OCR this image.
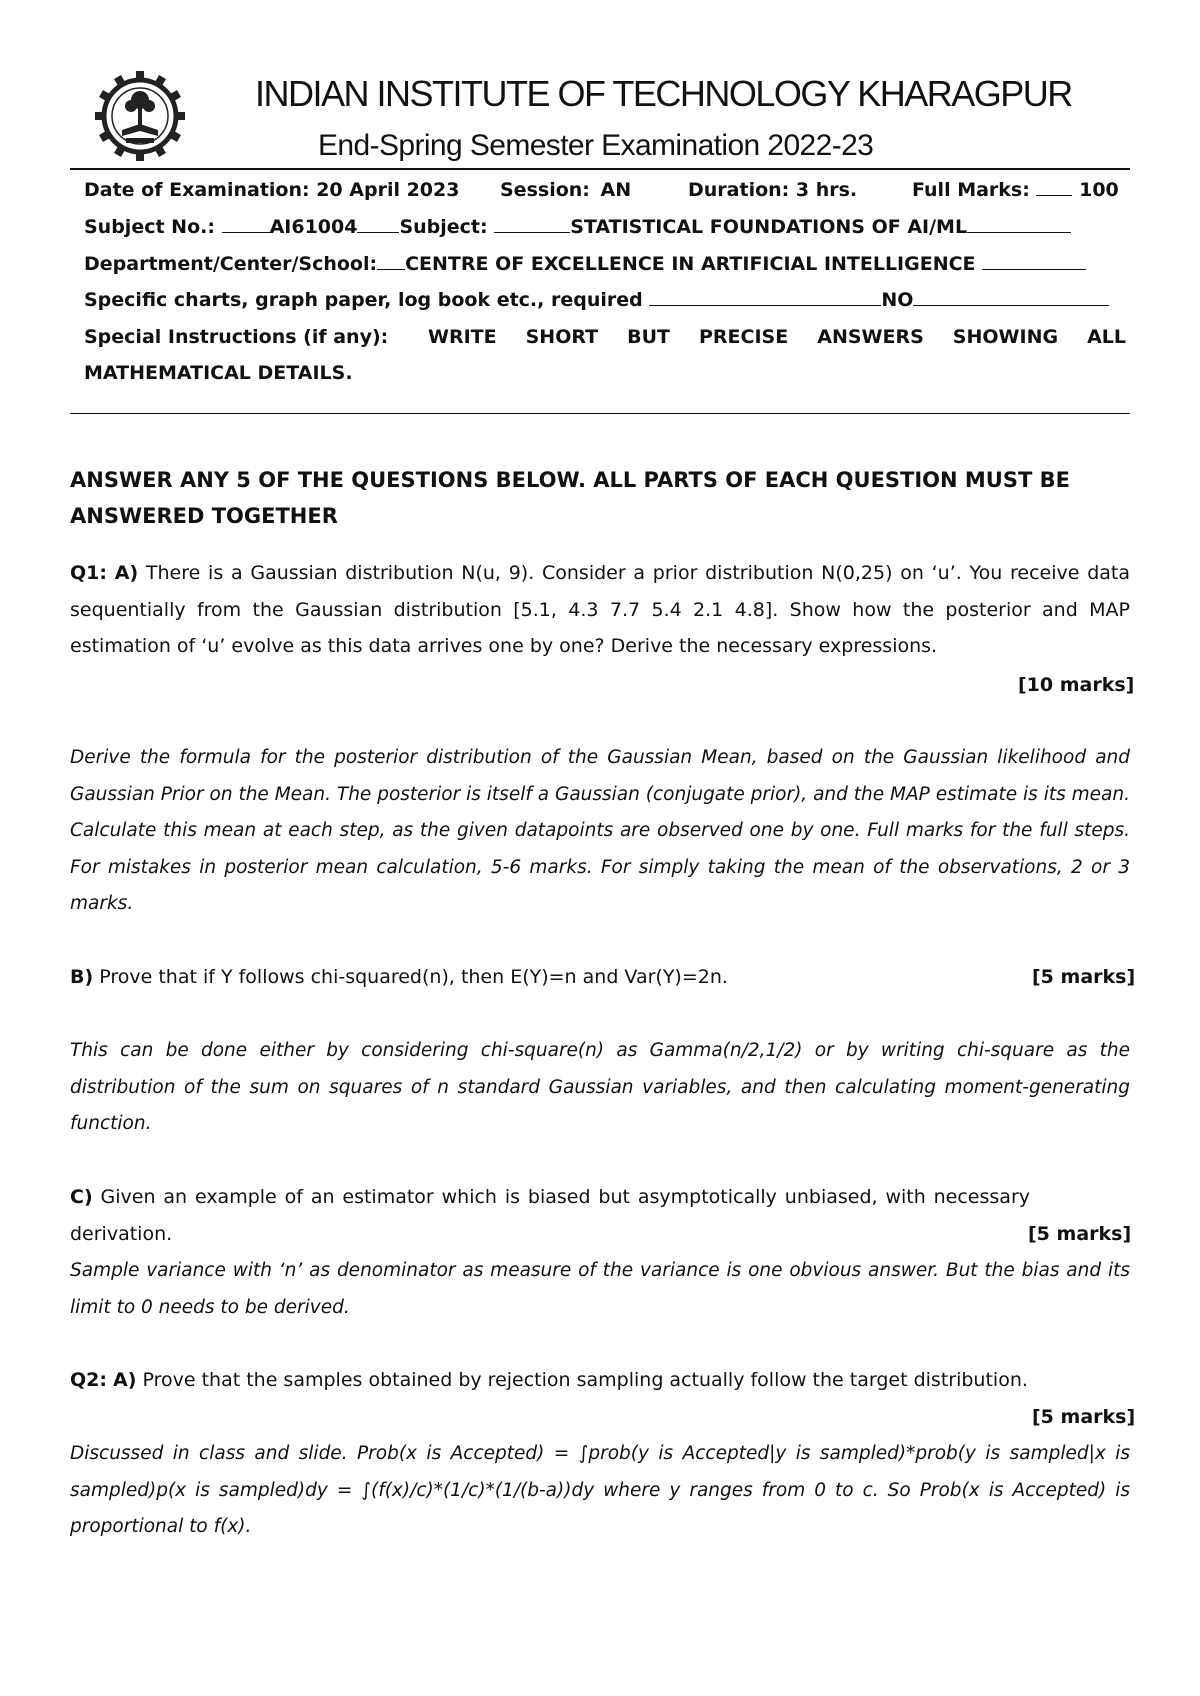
INDIAN INSTITUTE OF TECHNOLOGY KHARAGPUR
End-Spring Semester Examination 2022-23
Date of Examination: 20 April 2023 Session: AN	Duration: 3 hrs.	Full Marks:	100
Subject No.:	AI61004 Subject:	STATISTICAL FOUNDATIONS OF AI/ML
Department/Center/School: CENTRE OF EXCELLENCE IN ARTIFICIAL INTELLIGENCE
Specific charts, graph paper, log book etc., required	NO
Special Instructions (if any): WRITE SHORT BUT PRECISE ANSWERS SHOWING ALL
MATHEMATICAL DETAILS.
ANSWER ANY 5 OF THE QUESTIONS BELOW. ALL PARTS OF EACH QUESTION MUST BE ANSWERED TOGETHER
Q1: A) There is a Gaussian distribution N(u, 9). Consider a prior distribution N(0,25) on ‘u’. You receive data sequentially from the Gaussian distribution [5.1, 4.3 7.7 5.4 2.1 4.8]. Show how the posterior and MAP estimation of ‘u’ evolve as this data arrives one by one? Derive the necessary expressions.
[10 marks]
Derive the formula for the posterior distribution of the Gaussian Mean, based on the Gaussian likelihood and Gaussian Prior on the Mean. The posterior is itself a Gaussian (conjugate prior), and the MAP estimate is its mean. Calculate this mean at each step, as the given datapoints are observed one by one. Full marks for the full steps. For mistakes in posterior mean calculation, 5-6 marks. For simply taking the mean of the observations, 2 or 3 marks.
B) Prove that if Y follows chi-squared(n), then E(Y)=n and Var(Y)=2n.	[5 marks]
This can be done either by considering chi-square(n) as Gamma(n/2,1/2) or by writing chi-square as the distribution of the sum on squares of n standard Gaussian variables, and then calculating moment-generating function.
C) Given an example of an estimator which is biased but asymptotically unbiased, with necessary derivation.	[5 marks]
Sample variance with ‘n’ as denominator as measure of the variance is one obvious answer. But the bias and its limit to 0 needs to be derived.
Q2: A) Prove that the samples obtained by rejection sampling actually follow the target distribution.
[5 marks]
Discussed in class and slide. Prob(x is Accepted) = ∫prob(y is Accepted|y is sampled)*prob(y is sampled|x is sampled)p(x is sampled)dy = ∫(f(x)/c)*(1/c)*(1/(b-a))dy where y ranges from 0 to c. So Prob(x is Accepted) is proportional to f(x).
